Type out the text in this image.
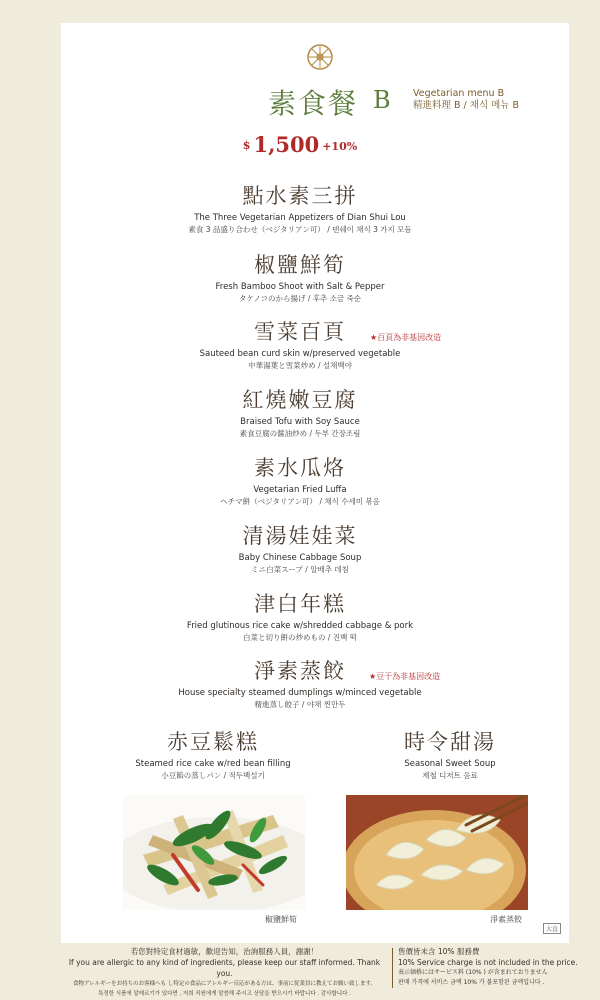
素食餐 B Vegetarian menu B
精進料理 B / 채식 메뉴 B
$ 1,500 +10%
點水素三拼
The Three Vegetarian Appetizers of Dian Shui Lou
素食 3 品盛り合わせ（ベジタリアン可） / 덴쉐이 채식 3 가지 모듬
椒鹽鮮筍
Fresh Bamboo Shoot with Salt & Pepper
タケノコのから揚げ / 후추 소금 죽순
雪菜百頁
Sauteed bean curd skin w/preserved vegetable
中華湯葉と雪菜炒め / 설채백야
★百頁為非基因改造
紅燒嫩豆腐
Braised Tofu with Soy Sauce
素食豆腐の醤油炒め / 두부 간장조림
素水瓜烙
Vegetarian Fried Luffa
ヘチマ餅（ベジタリアン可） / 채식 수세미 볶음
清湯娃娃菜
Baby Chinese Cabbage Soup
ミニ白菜スープ / 알배추 데침
津白年糕
Fried glutinous rice cake w/shredded cabbage & pork
白菜と切り餅の炒めもの / 진백 떡
淨素蒸餃
House specialty steamed dumplings w/minced vegetable
精進蒸し餃子 / 야채 찐만두
★豆干為非基因改造
赤豆鬆糕
Steamed rice cake w/red bean filling
小豆餡の蒸しパン / 적두백설기
時令甜湯
Seasonal Sweet Soup
제철 디저트 음료
椒鹽鮮筍	淨素蒸餃
大直
若您對特定食材過敏，歡迎告知，治詢服務人員，謝謝！
If you are allergic to any kind of ingredients, please keep our staff informed. Thank you.
食物アレルギーをお持ちのお客様へも し特定の食品にアレルギー反応がある方は、事前に従業員に教えてお願い致します。
특정한 식품에 알레르기가 있다면 , 저희 직원에게 말씀해 주시고 상담을 받으시기 바랍니다 . 감사합니다 .
售價皆未含 10% 服務費
10% Service charge is not included in the price.
表示価格にはサービス料 (10% ) が含まれておりません
판매 가격에 서비스 금액 10% 가 불포함된 금액입니다 .
